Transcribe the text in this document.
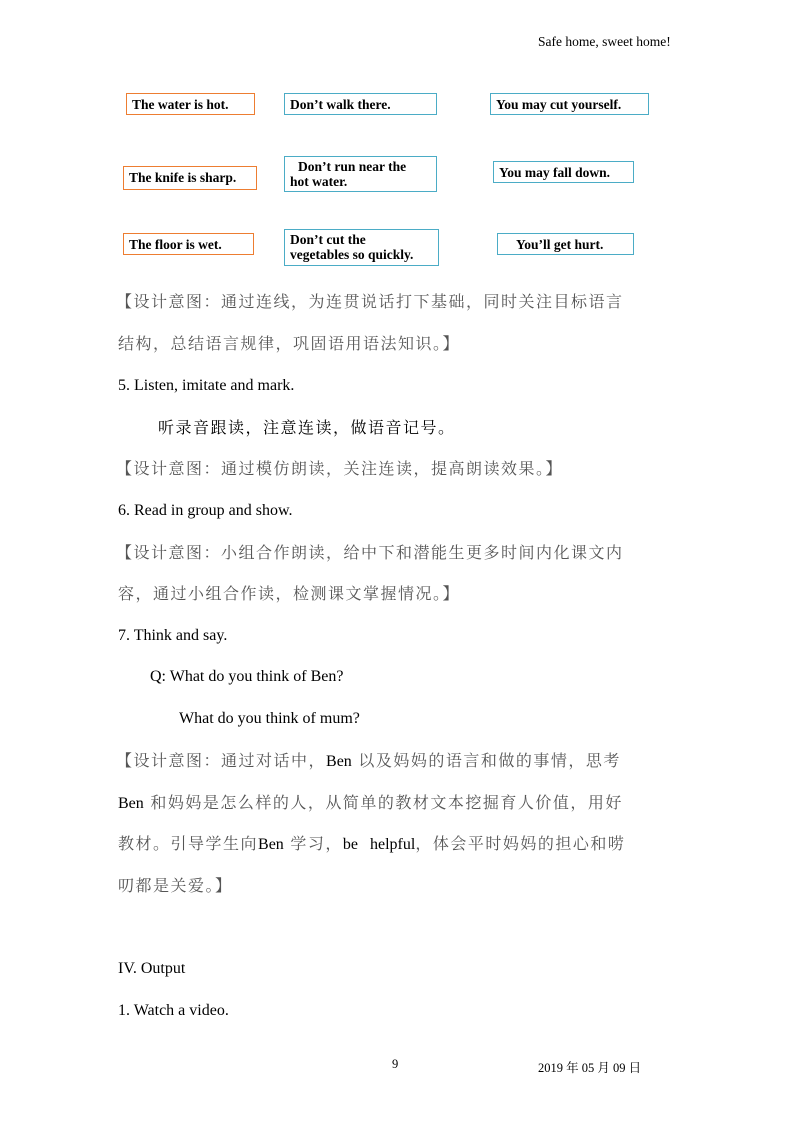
Safe home, sweet home!
The water is hot.
The knife is sharp.
The floor is wet.
Don’t walk there.
Don’t run near the
hot water.
Don’t cut the
vegetables so quickly.
You may cut yourself.
You may fall down.
You’ll get hurt.
【设计意图：通过连线，为连贯说话打下基础，同时关注目标语言
结构，总结语言规律，巩固语用语法知识。】
5. Listen, imitate and mark.
听录音跟读，注意连读，做语音记号。
【设计意图：通过模仿朗读，关注连读，提高朗读效果。】
6. Read in group and show.
【设计意图：小组合作朗读，给中下和潜能生更多时间内化课文内
容，通过小组合作读，检测课文掌握情况。】
7. Think and say.
Q: What do you think of Ben?
What do you think of mum?
【设计意图：通过对话中，Ben 以及妈妈的语言和做的事情，思考
Ben 和妈妈是怎么样的人，从简单的教材文本挖掘育人价值，用好
教材。引导学生向Ben 学习，be   helpful，体会平时妈妈的担心和唠
叨都是关爱。】
IV. Output
1. Watch a video.
9	2019 年 05 月 09 日
